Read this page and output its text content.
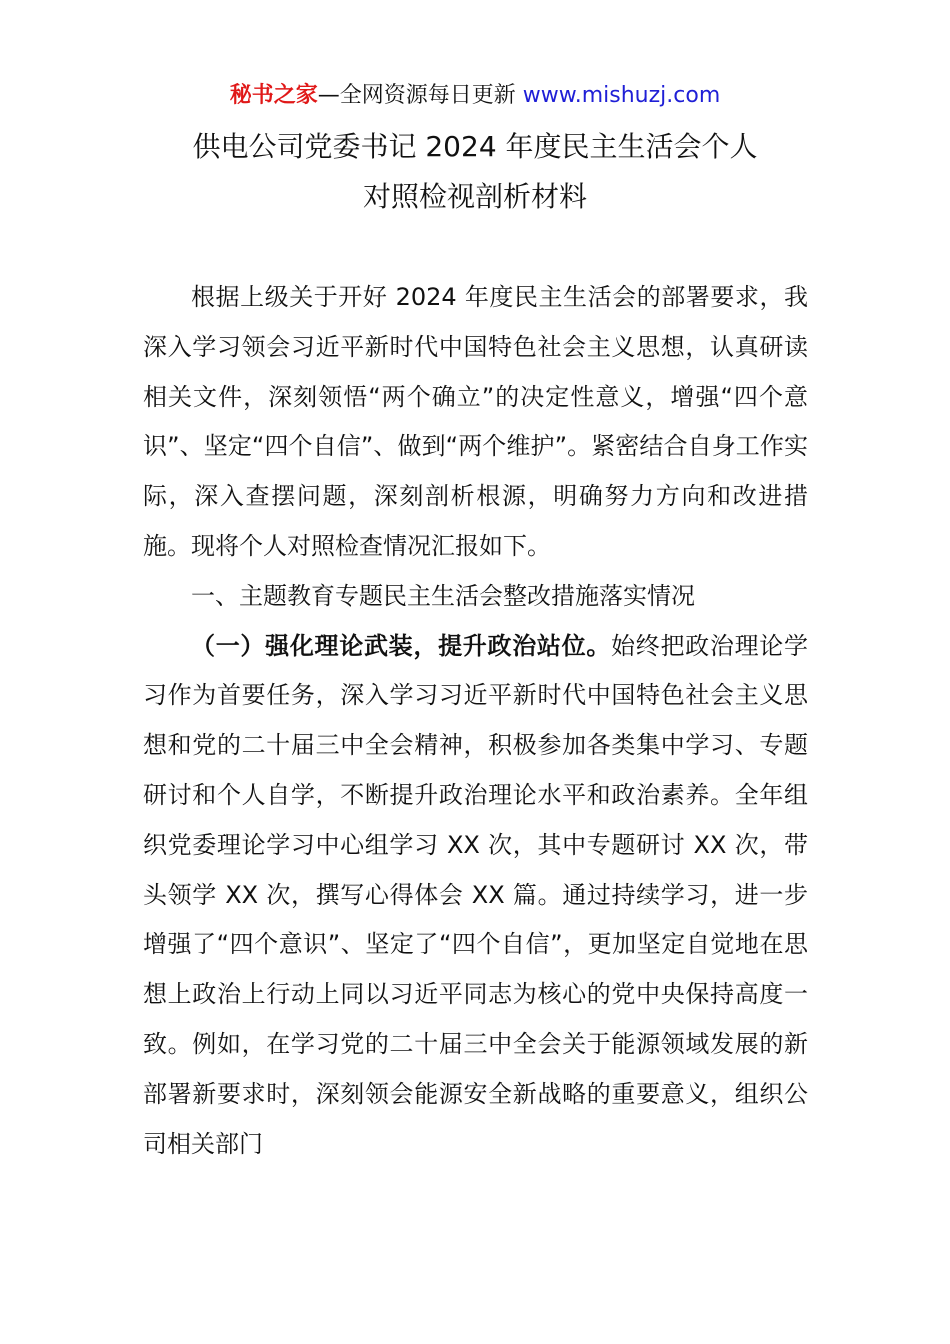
秘书之家—全网资源每日更新 www.mishuzj.com
供电公司党委书记 2024 年度民主生活会个人
对照检视剖析材料

根据上级关于开好 2024 年度民主生活会的部署要求，我深入学习领会习近平新时代中国特色社会主义思想，认真研读相关文件，深刻领悟“两个确立”的决定性意义，增强“四个意识”、坚定“四个自信”、做到“两个维护”。紧密结合自身工作实际，深入查摆问题，深刻剖析根源，明确努力方向和改进措施。现将个人对照检查情况汇报如下。

一、主题教育专题民主生活会整改措施落实情况

（一）强化理论武装，提升政治站位。始终把政治理论学习作为首要任务，深入学习习近平新时代中国特色社会主义思想和党的二十届三中全会精神，积极参加各类集中学习、专题研讨和个人自学，不断提升政治理论水平和政治素养。全年组织党委理论学习中心组学习 XX 次，其中专题研讨 XX 次，带头领学 XX 次，撰写心得体会 XX 篇。通过持续学习，进一步增强了“四个意识”、坚定了“四个自信”，更加坚定自觉地在思想上政治上行动上同以习近平同志为核心的党中央保持高度一致。例如，在学习党的二十届三中全会关于能源领域发展的新部署新要求时，深刻领会能源安全新战略的重要意义，组织公司相关部门
